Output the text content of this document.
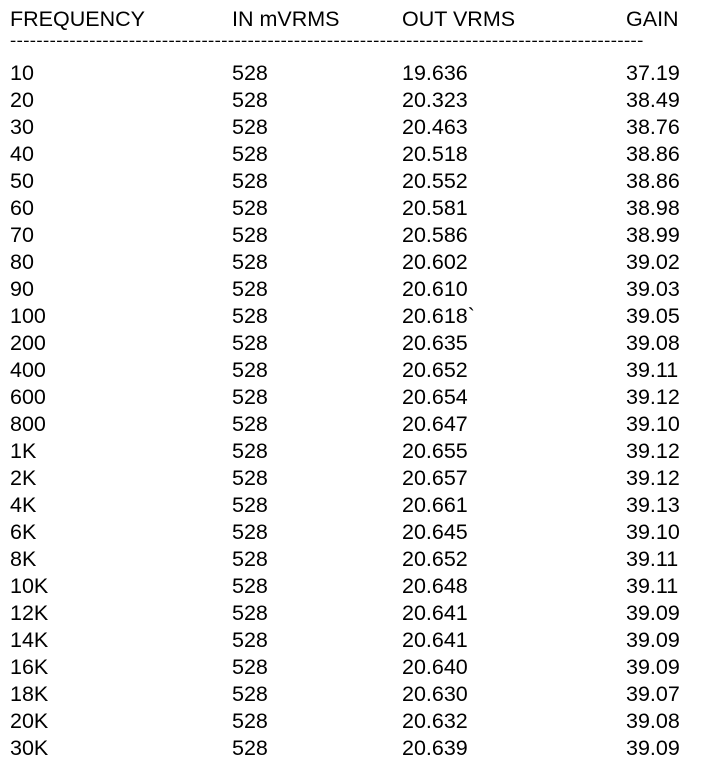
FREQUENCY	IN mVRMS	OUT VRMS	GAIN
------------------------------------------------------------------------------------------------
10	528	19.636	37.19
20	528	20.323	38.49
30	528	20.463	38.76
40	528	20.518	38.86
50	528	20.552	38.86
60	528	20.581	38.98
70	528	20.586	38.99
80	528	20.602	39.02
90	528	20.610	39.03
100	528	20.618`	39.05
200	528	20.635	39.08
400	528	20.652	39.11
600	528	20.654	39.12
800	528	20.647	39.10
1K	528	20.655	39.12
2K	528	20.657	39.12
4K	528	20.661	39.13
6K	528	20.645	39.10
8K	528	20.652	39.11
10K	528	20.648	39.11
12K	528	20.641	39.09
14K	528	20.641	39.09
16K	528	20.640	39.09
18K	528	20.630	39.07
20K	528	20.632	39.08
30K	528	20.639	39.09
